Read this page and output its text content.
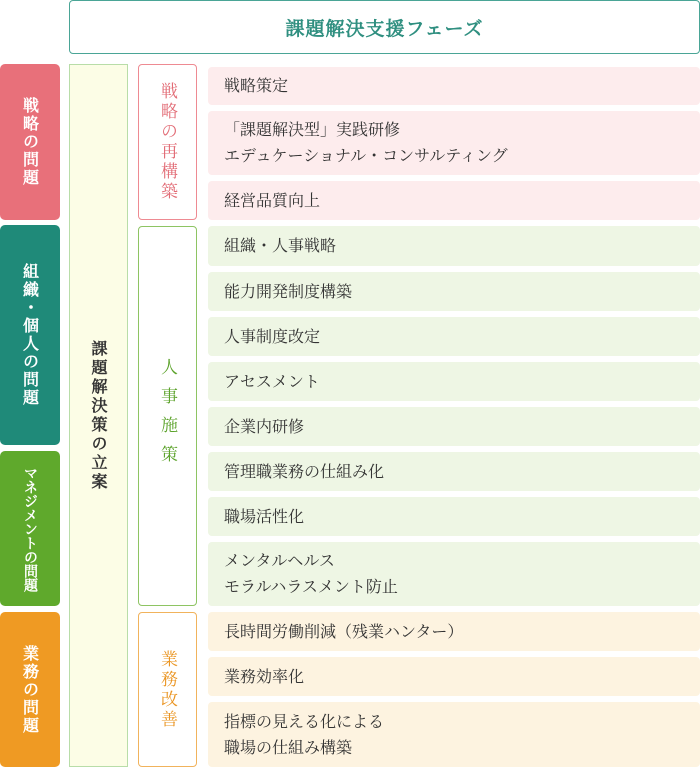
課題解決支援フェーズ
戦略の問題
組織・個人の問題
マネジメントの問題
業務の問題
課題解決策の立案
戦略の再構築
人事施策
業務改善
戦略策定
「課題解決型」実践研修
エデュケーショナル・コンサルティング
経営品質向上
組織・人事戦略
能力開発制度構築
人事制度改定
アセスメント
企業内研修
管理職業務の仕組み化
職場活性化
メンタルヘルス
モラルハラスメント防止
長時間労働削減（残業ハンター）
業務効率化
指標の見える化による
職場の仕組み構築
